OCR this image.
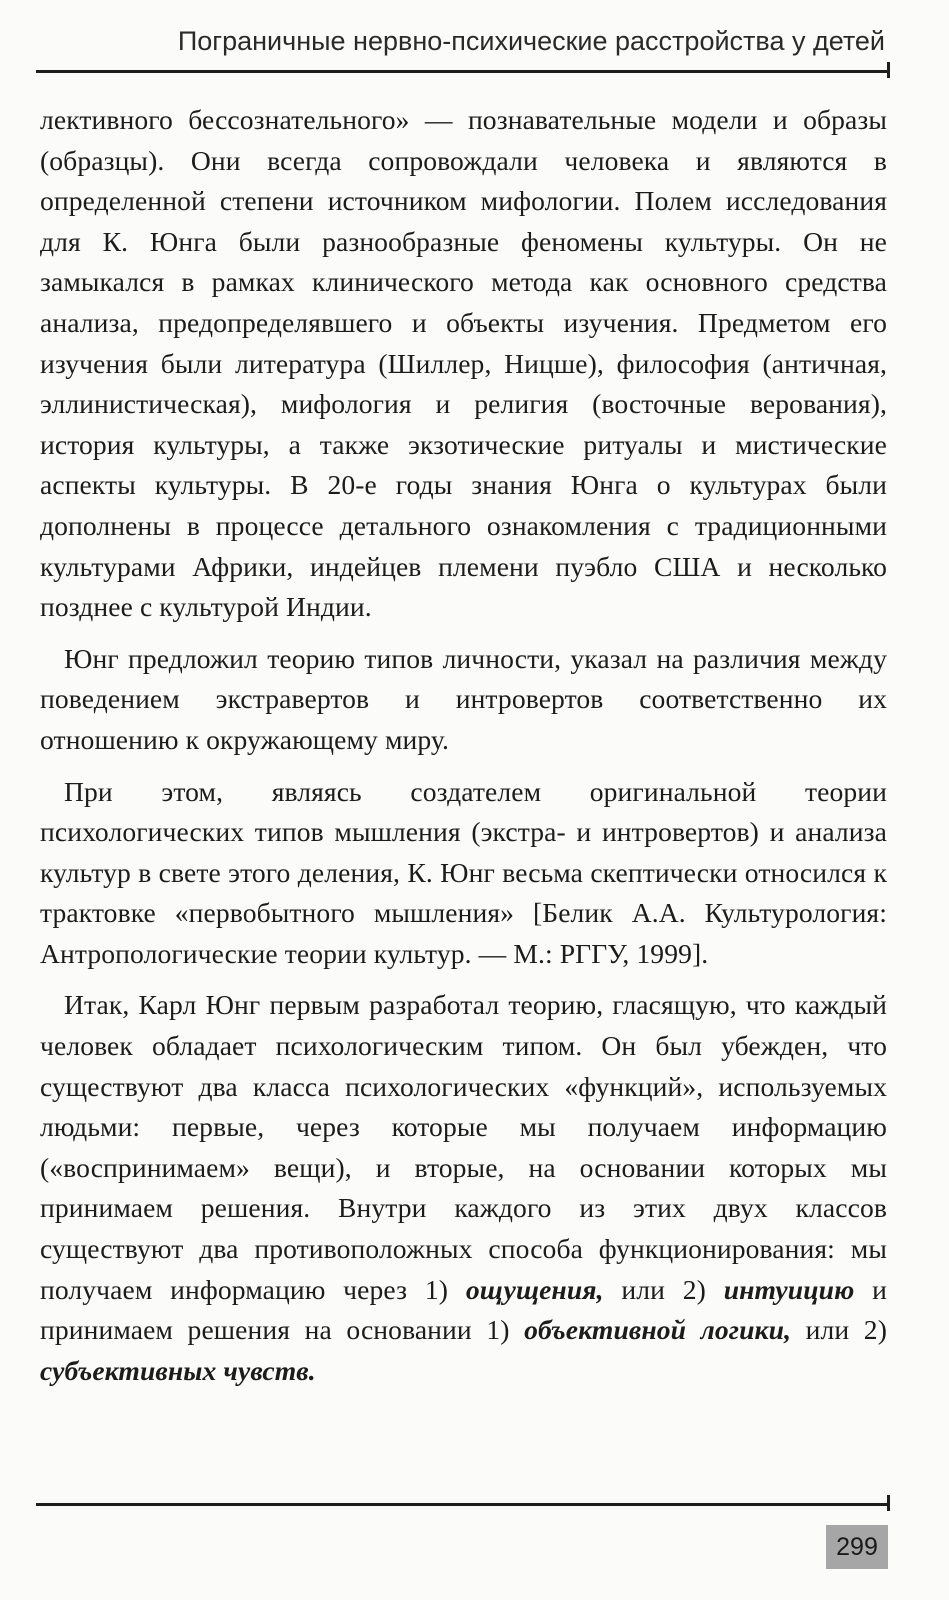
Пограничные нервно-психические расстройства у детей

лективного бессознательного» — познавательные модели и образы (образцы). Они всегда сопровождали человека и являются в определенной степени источником мифологии. Полем исследования для К. Юнга были разнообразные феномены культуры. Он не замыкался в рамках клинического метода как основного средства анализа, предопределявшего и объекты изучения. Предметом его изучения были литература (Шиллер, Ницше), философия (античная, эллинистическая), мифология и религия (восточные верования), история культуры, а также экзотические ритуалы и мистические аспекты культуры. В 20-е годы знания Юнга о культурах были дополнены в процессе детального ознакомления с традиционными культурами Африки, индейцев племени пуэбло США и несколько позднее с культурой Индии.

Юнг предложил теорию типов личности, указал на различия между поведением экстравертов и интровертов соответственно их отношению к окружающему миру.

При этом, являясь создателем оригинальной теории психологических типов мышления (экстра- и интровертов) и анализа культур в свете этого деления, К. Юнг весьма скептически относился к трактовке «первобытного мышления» [Белик А.А. Культурология: Антропологические теории культур. — М.: РГГУ, 1999].

Итак, Карл Юнг первым разработал теорию, гласящую, что каждый человек обладает психологическим типом. Он был убежден, что существуют два класса психологических «функций», используемых людьми: первые, через которые мы получаем информацию («воспринимаем» вещи), и вторые, на основании которых мы принимаем решения. Внутри каждого из этих двух классов существуют два противоположных способа функционирования: мы получаем информацию через 1) ощущения, или 2) интуицию и принимаем решения на основании 1) объективной логики, или 2) субъективных чувств.

299
